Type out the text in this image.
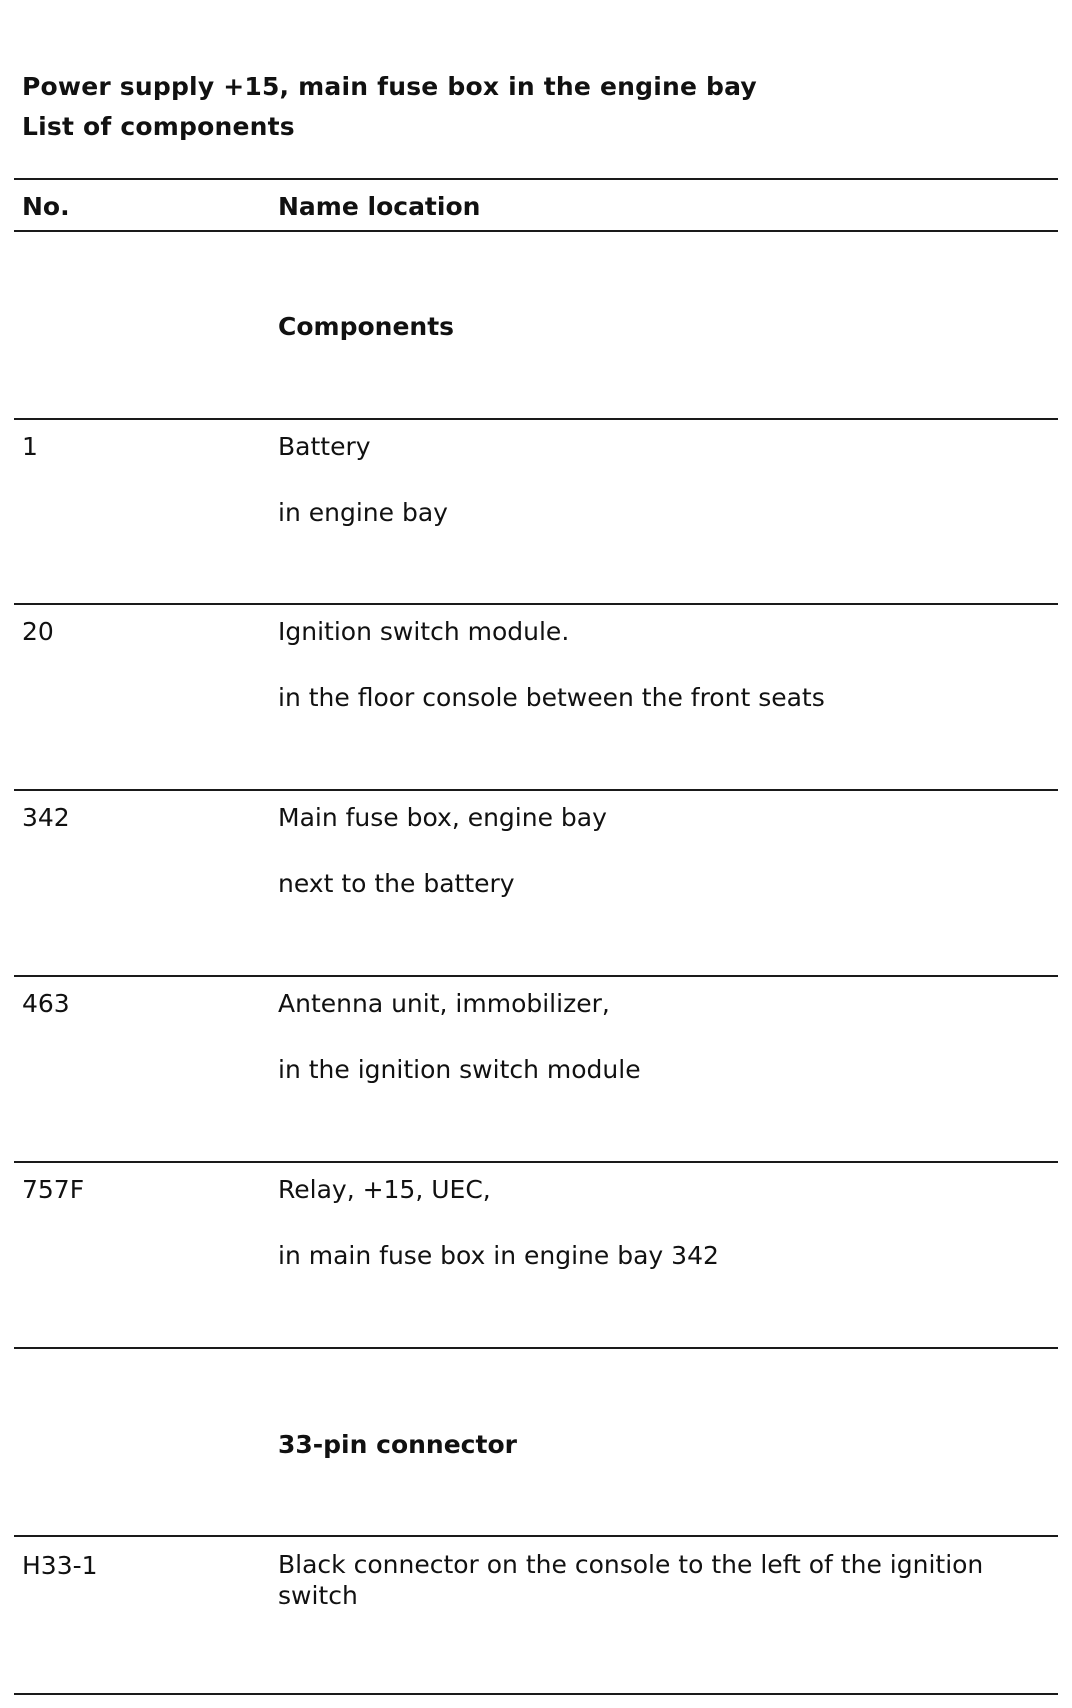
Power supply +15, main fuse box in the engine bay
List of components
No.	Name location
Components
1	Battery
in engine bay
20	Ignition switch module.
in the floor console between the front seats
342	Main fuse box, engine bay
next to the battery
463	Antenna unit, immobilizer,
in the ignition switch module
757F	Relay, +15, UEC,
in main fuse box in engine bay 342
33-pin connector
H33-1	Black connector on the console to the left of the ignition switch
